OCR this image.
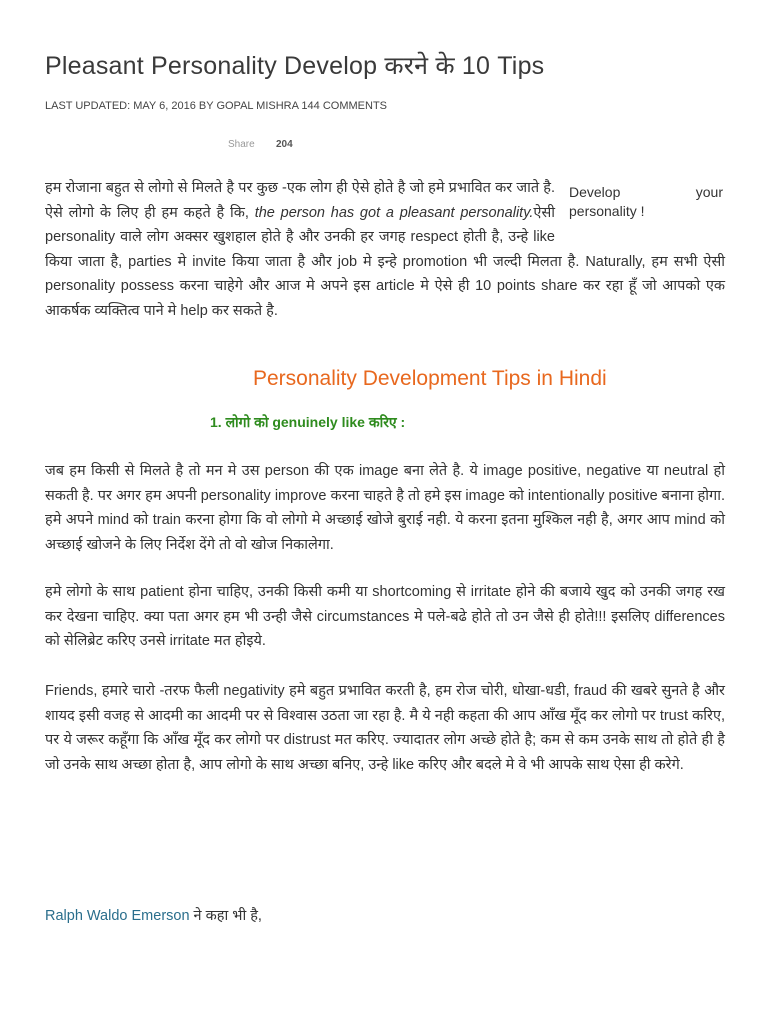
Pleasant Personality Develop करने के 10 Tips
LAST UPDATED: MAY 6, 2016 BY GOPAL MISHRA 144 COMMENTS
Share 204
Develop	your
personality !

हम रोजाना बहुत से लोगो से मिलते है पर कुछ -एक लोग ही ऐसे होते है जो हमे प्रभावित कर जाते है. ऐसे लोगो के लिए ही हम कहते है कि, the person has got a pleasant personality.ऐसी personality वाले लोग अक्सर खुशहाल होते है और उनकी हर जगह respect होती है, उन्हे like किया जाता है, parties मे invite किया जाता है और job मे इन्हे promotion भी जल्दी मिलता है. Naturally, हम सभी ऐसी personality possess करना चाहेगे और आज मे अपने इस article मे ऐसे ही 10 points share कर रहा हूँ जो आपको एक आकर्षक व्यक्तित्व पाने मे help कर सकते है.

Personality Development Tips in Hindi
1. लोगो को genuinely like करिए :

जब हम किसी से मिलते है तो मन मे उस person की एक image बना लेते है. ये image positive, negative या neutral हो सकती है. पर अगर हम अपनी personality improve करना चाहते है तो हमे इस image को intentionally positive बनाना होगा. हमे अपने mind को train करना होगा कि वो लोगो मे अच्छाई खोजे बुराई नही. ये करना इतना मुश्किल नही है, अगर आप mind को अच्छाई खोजने के लिए निर्देश देंगे तो वो खोज निकालेगा.

हमे लोगो के साथ patient होना चाहिए, उनकी किसी कमी या shortcoming से irritate होने की बजाये खुद को उनकी जगह रख कर देखना चाहिए. क्या पता अगर हम भी उन्ही जैसे circumstances मे पले-बढे होते तो उन जैसे ही होते!!! इसलिए differences को सेलिब्रेट करिए उनसे irritate मत होइये.

Friends, हमारे चारो -तरफ फैली negativity हमे बहुत प्रभावित करती है, हम रोज चोरी, धोखा-धडी, fraud की खबरे सुनते है और शायद इसी वजह से आदमी का आदमी पर से विश्वास उठता जा रहा है. मै ये नही कहता की आप आँख मूँद कर लोगो पर trust करिए, पर ये जरूर कहूँगा कि आँख मूँद कर लोगो पर distrust मत करिए. ज्यादातर लोग अच्छे होते है; कम से कम उनके साथ तो होते ही है जो उनके साथ अच्छा होता है, आप लोगो के साथ अच्छा बनिए, उन्हे like करिए और बदले मे वे भी आपके साथ ऐसा ही करेगे.

Ralph Waldo Emerson ने कहा भी है,
